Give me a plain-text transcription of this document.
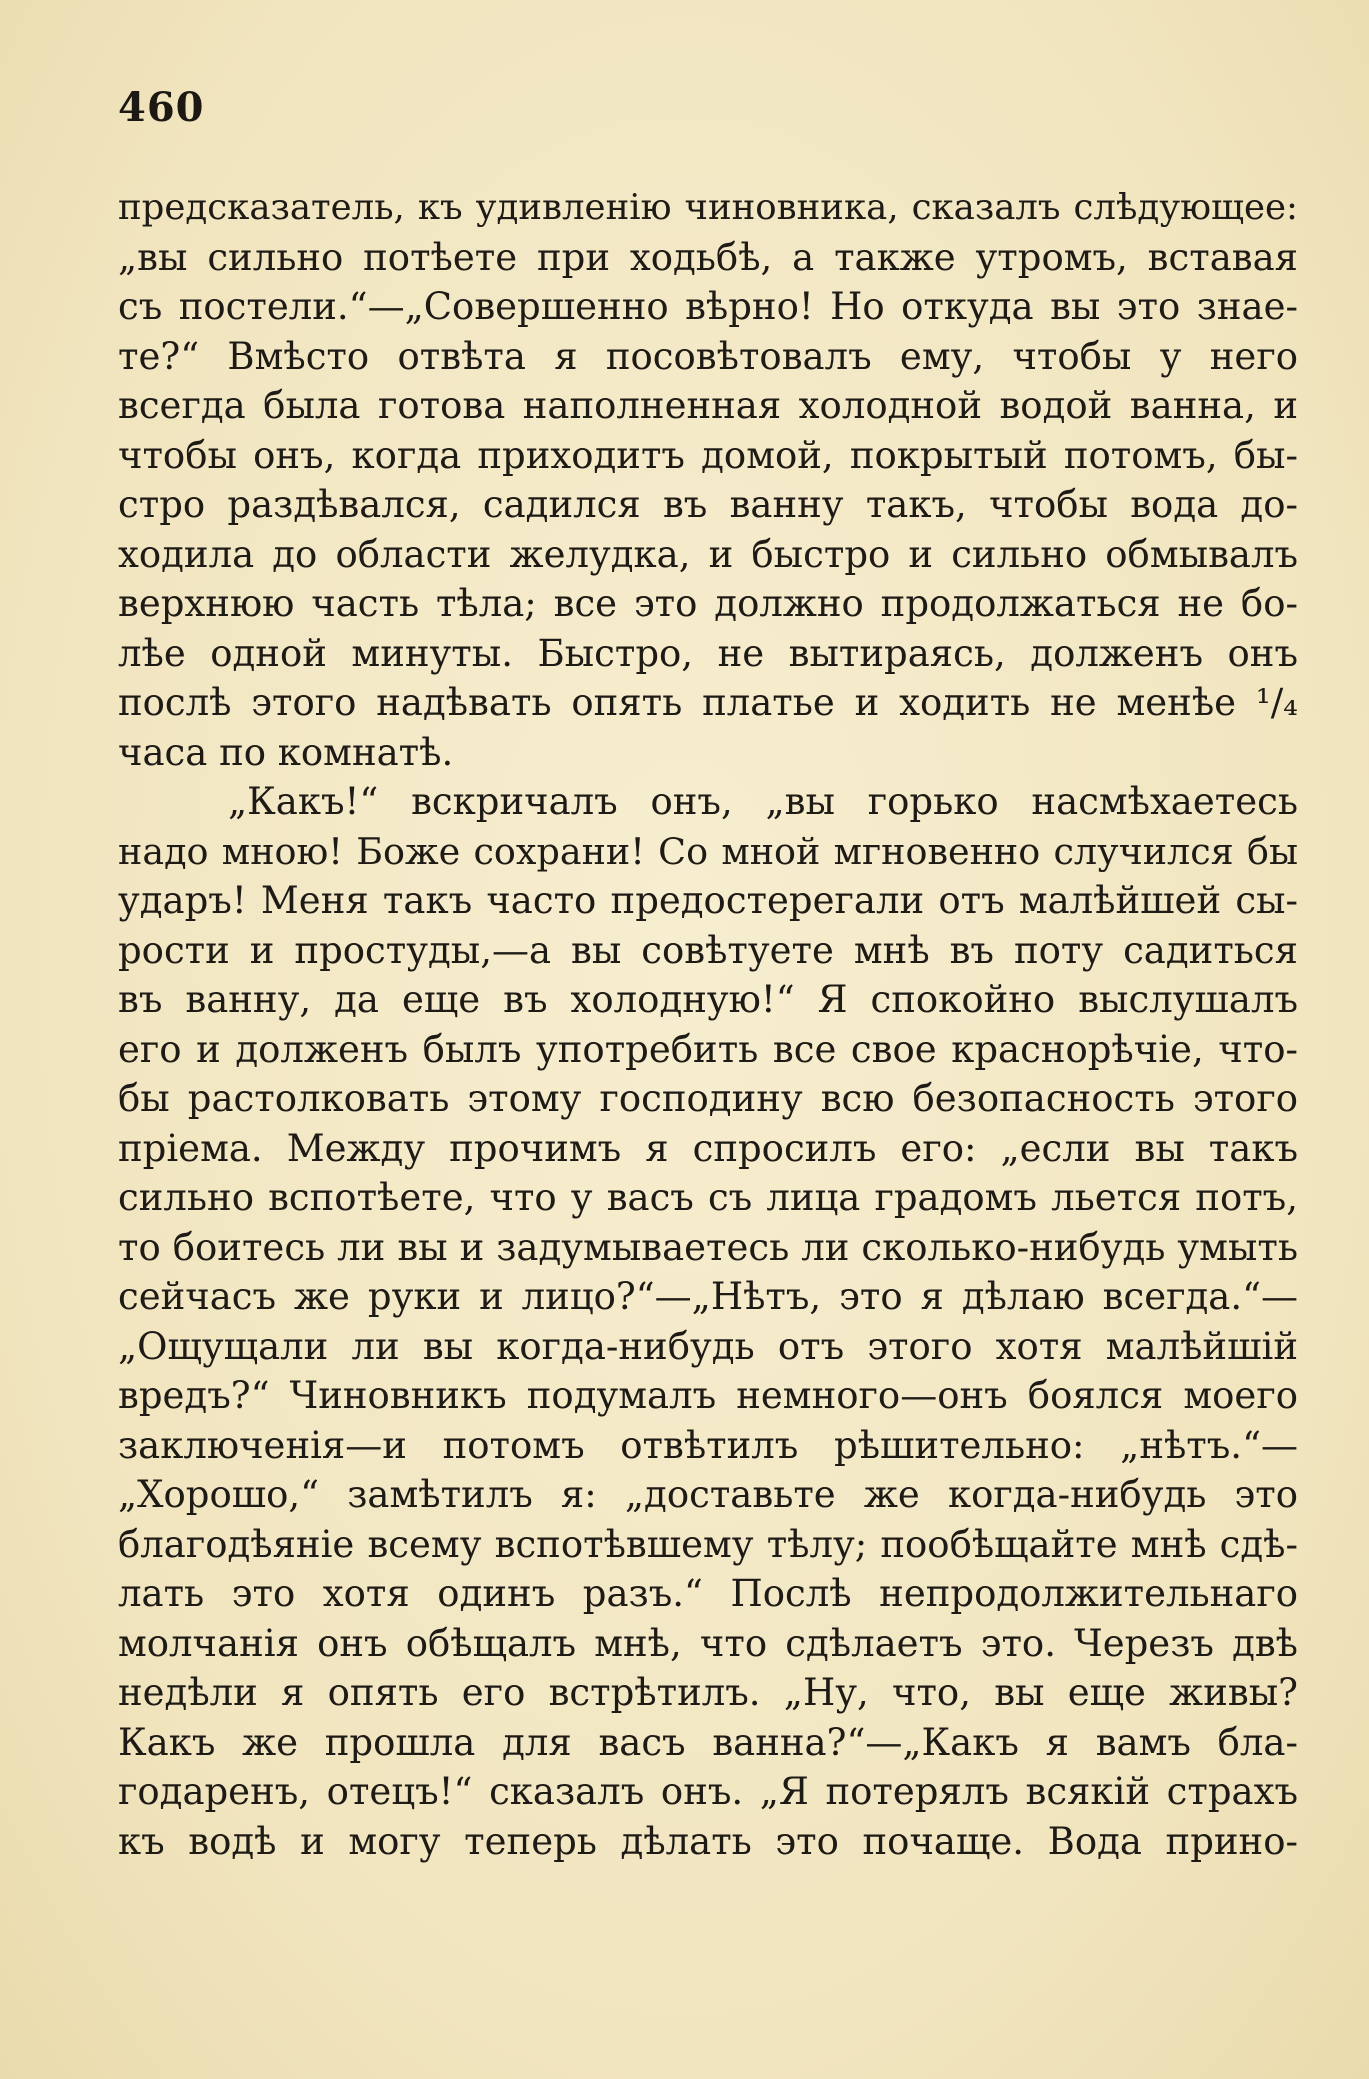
460
предсказатель, къ удивленію чиновника, сказалъ слѣдующее:
„вы сильно потѣете при ходьбѣ, а также утромъ, вставая
съ постели.“—„Совершенно вѣрно! Но откуда вы это знае-
те?“ Вмѣсто отвѣта я посовѣтовалъ ему, чтобы у него
всегда была готова наполненная холодной водой ванна, и
чтобы онъ, когда приходитъ домой, покрытый потомъ, бы-
стро раздѣвался, садился въ ванну такъ, чтобы вода до-
ходила до области желудка, и быстро и сильно обмывалъ
верхнюю часть тѣла; все это должно продолжаться не бо-
лѣе одной минуты. Быстро, не вытираясь, долженъ онъ
послѣ этого надѣвать опять платье и ходить не менѣе ¹/₄
часа по комнатѣ.
„Какъ!“ вскричалъ онъ, „вы горько насмѣхаетесь
надо мною! Боже сохрани! Со мной мгновенно случился бы
ударъ! Меня такъ часто предостерегали отъ малѣйшей сы-
рости и простуды,—а вы совѣтуете мнѣ въ поту садиться
въ ванну, да еще въ холодную!“ Я спокойно выслушалъ
его и долженъ былъ употребить все свое краснорѣчіе, что-
бы растолковать этому господину всю безопасность этого
пріема. Между прочимъ я спросилъ его: „если вы такъ
сильно вспотѣете, что у васъ съ лица градомъ льется потъ,
то боитесь ли вы и задумываетесь ли сколько-нибудь умыть
сейчасъ же руки и лицо?“—„Нѣтъ, это я дѣлаю всегда.“—
„Ощущали ли вы когда-нибудь отъ этого хотя малѣйшій
вредъ?“ Чиновникъ подумалъ немного—онъ боялся моего
заключенія—и потомъ отвѣтилъ рѣшительно: „нѣтъ.“—
„Хорошо,“ замѣтилъ я: „доставьте же когда-нибудь это
благодѣяніе всему вспотѣвшему тѣлу; пообѣщайте мнѣ сдѣ-
лать это хотя одинъ разъ.“ Послѣ непродолжительнаго
молчанія онъ обѣщалъ мнѣ, что сдѣлаетъ это. Черезъ двѣ
недѣли я опять его встрѣтилъ. „Ну, что, вы еще живы?
Какъ же прошла для васъ ванна?“—„Какъ я вамъ бла-
годаренъ, отецъ!“ сказалъ онъ. „Я потерялъ всякій страхъ
къ водѣ и могу теперь дѣлать это почаще. Вода прино-
